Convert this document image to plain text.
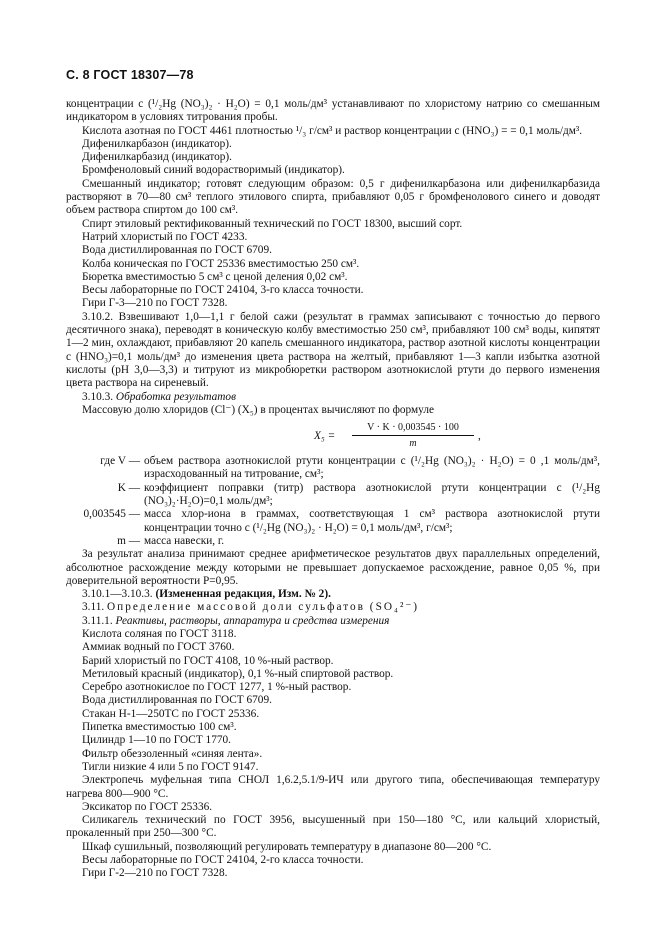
С. 8 ГОСТ 18307—78

концентрации c (¹/₂Hg (NO₃)₂ · H₂O) = 0,1 моль/дм³ устанавливают по хлористому натрию со смешанным индикатором в условиях титрования пробы.

Кислота азотная по ГОСТ 4461 плотностью ¹/₃ г/см³ и раствор концентрации c (HNO₃) = = 0,1 моль/дм³.

Дифенилкарбазон (индикатор).

Дифенилкарбазид (индикатор).

Бромфеноловый синий водорастворимый (индикатор).

Смешанный индикатор; готовят следующим образом: 0,5 г дифенилкарбазона или дифенилкарбазида растворяют в 70—80 см³ теплого этилового спирта, прибавляют 0,05 г бромфенолового синего и доводят объем раствора спиртом до 100 см³.

Спирт этиловый ректификованный технический по ГОСТ 18300, высший сорт.

Натрий хлористый по ГОСТ 4233.

Вода дистиллированная по ГОСТ 6709.

Колба коническая по ГОСТ 25336 вместимостью 250 см³.

Бюретка вместимостью 5 см³ с ценой деления 0,02 см³.

Весы лабораторные по ГОСТ 24104, 3-го класса точности.

Гири Г-3—210 по ГОСТ 7328.

3.10.2. Взвешивают 1,0—1,1 г белой сажи (результат в граммах записывают с точностью до первого десятичного знака), переводят в коническую колбу вместимостью 250 см³, прибавляют 100 см³ воды, кипятят 1—2 мин, охлаждают, прибавляют 20 капель смешанного индикатора, раствор азотной кислоты концентрации c (HNO₃)=0,1 моль/дм³ до изменения цвета раствора на желтый, прибавляют 1—3 капли избытка азотной кислоты (pH 3,0—3,3) и титруют из микробюретки раствором азотнокислой ртути до первого изменения цвета раствора на сиреневый.

3.10.3. Обработка результатов

Массовую долю хлоридов (Cl⁻) (X₅) в процентах вычисляют по формуле

$X_5 = \frac{V \cdot K \cdot 0,003545 \cdot 100}{m}$ ,
где V — объем раствора азотнокислой ртути концентрации c (¹/₂Hg (NO₃)₂ · H₂O) = 0 ,1 моль/дм³, израсходованный на титрование, см³;
K — коэффициент поправки (титр) раствора азотнокислой ртути концентрации c (¹/₂Hg (NO₃)₂·H₂O)=0,1 моль/дм³;
0,003545 — масса хлор-иона в граммах, соответствующая 1 см³ раствора азотнокислой ртути концентрации точно c (¹/₂Hg (NO₃)₂ · H₂O) = 0,1 моль/дм³, г/см³;
m — масса навески, г.

За результат анализа принимают среднее арифметическое результатов двух параллельных определений, абсолютное расхождение между которыми не превышает допускаемое расхождение, равное 0,05 %, при доверительной вероятности P=0,95.

3.10.1—3.10.3. (Измененная редакция, Изм. № 2).

3.11. Определение массовой доли сульфатов (SO₄²⁻)

3.11.1. Реактивы, растворы, аппаратура и средства измерения

Кислота соляная по ГОСТ 3118.

Аммиак водный по ГОСТ 3760.

Барий хлористый по ГОСТ 4108, 10 %-ный раствор.

Метиловый красный (индикатор), 0,1 %-ный спиртовой раствор.

Серебро азотнокислое по ГОСТ 1277, 1 %-ный раствор.

Вода дистиллированная по ГОСТ 6709.

Стакан Н-1—250ТС по ГОСТ 25336.

Пипетка вместимостью 100 см³.

Цилиндр 1—10 по ГОСТ 1770.

Фильтр обеззоленный «синяя лента».

Тигли низкие 4 или 5 по ГОСТ 9147.

Электропечь муфельная типа СНОЛ 1,6.2,5.1/9-ИЧ или другого типа, обеспечивающая температуру нагрева 800—900 °С.

Эксикатор по ГОСТ 25336.

Силикагель технический по ГОСТ 3956, высушенный при 150—180 °С, или кальций хлористый, прокаленный при 250—300 °С.

Шкаф сушильный, позволяющий регулировать температуру в диапазоне 80—200 °С.

Весы лабораторные по ГОСТ 24104, 2-го класса точности.

Гири Г-2—210 по ГОСТ 7328.
